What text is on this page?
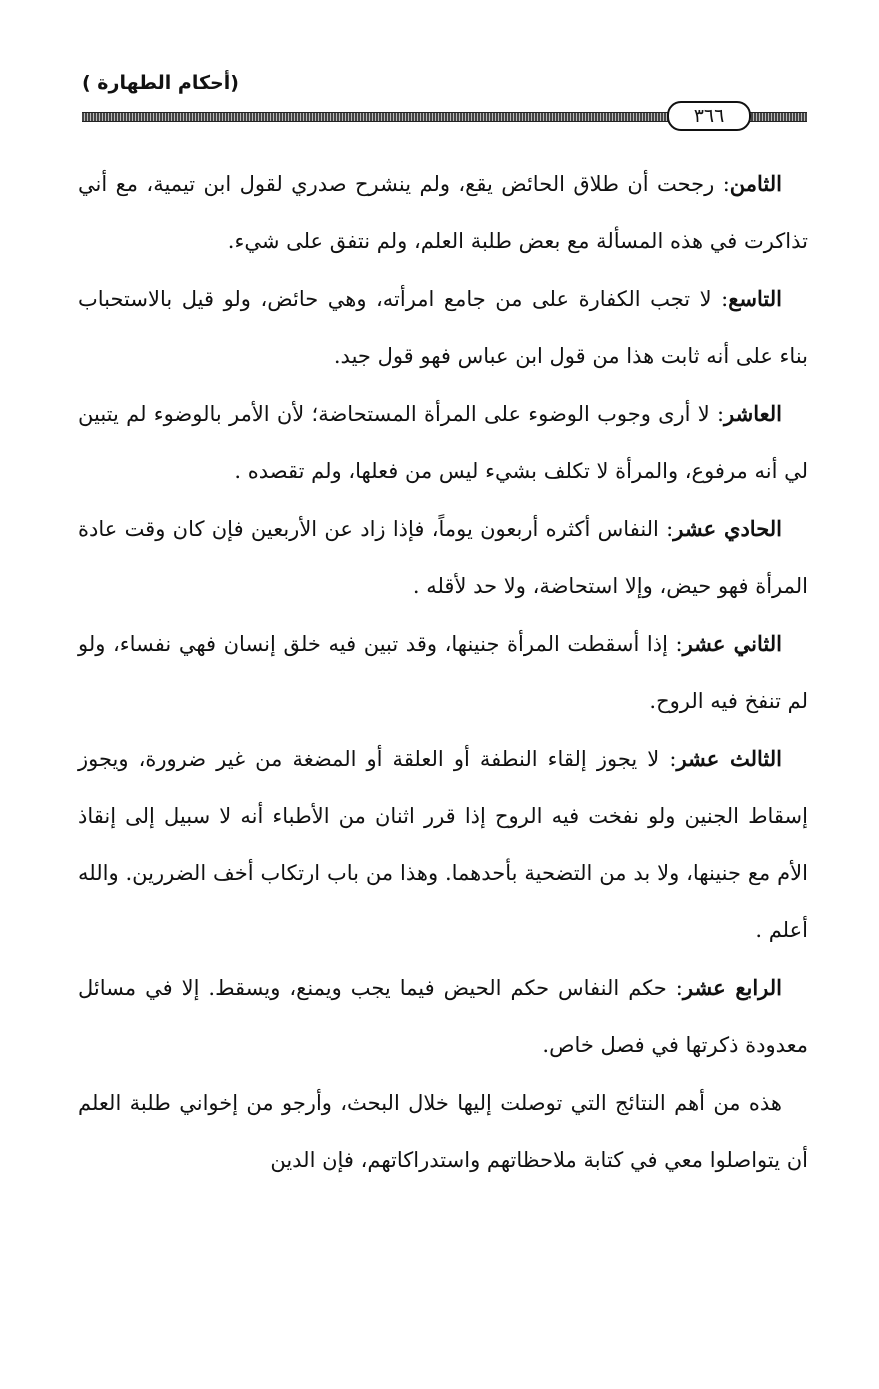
(أحكام الطهارة )
٣٦٦

الثامن: رجحت أن طلاق الحائض يقع، ولم ينشرح صدري لقول ابن تيمية، مع أني تذاكرت في هذه المسألة مع بعض طلبة العلم، ولم نتفق على شيء.

التاسع: لا تجب الكفارة على من جامع امرأته، وهي حائض، ولو قيل بالاستحباب بناء على أنه ثابت هذا من قول ابن عباس فهو قول جيد.

العاشر: لا أرى وجوب الوضوء على المرأة المستحاضة؛ لأن الأمر بالوضوء لم يتبين لي أنه مرفوع، والمرأة لا تكلف بشيء ليس من فعلها، ولم تقصده .

الحادي عشر: النفاس أكثره أربعون يوماً، فإذا زاد عن الأربعين فإن كان وقت عادة المرأة فهو حيض، وإلا استحاضة، ولا حد لأقله .

الثاني عشر: إذا أسقطت المرأة جنينها، وقد تبين فيه خلق إنسان فهي نفساء، ولو لم تنفخ فيه الروح.

الثالث عشر: لا يجوز إلقاء النطفة أو العلقة أو المضغة من غير ضرورة، ويجوز إسقاط الجنين ولو نفخت فيه الروح إذا قرر اثنان من الأطباء أنه لا سبيل إلى إنقاذ الأم مع جنينها، ولا بد من التضحية بأحدهما. وهذا من باب ارتكاب أخف الضررين. والله أعلم .

الرابع عشر: حكم النفاس حكم الحيض فيما يجب ويمنع، ويسقط. إلا في مسائل معدودة ذكرتها في فصل خاص.

هذه من أهم النتائج التي توصلت إليها خلال البحث، وأرجو من إخواني طلبة العلم أن يتواصلوا معي في كتابة ملاحظاتهم واستدراكاتهم، فإن الدين
